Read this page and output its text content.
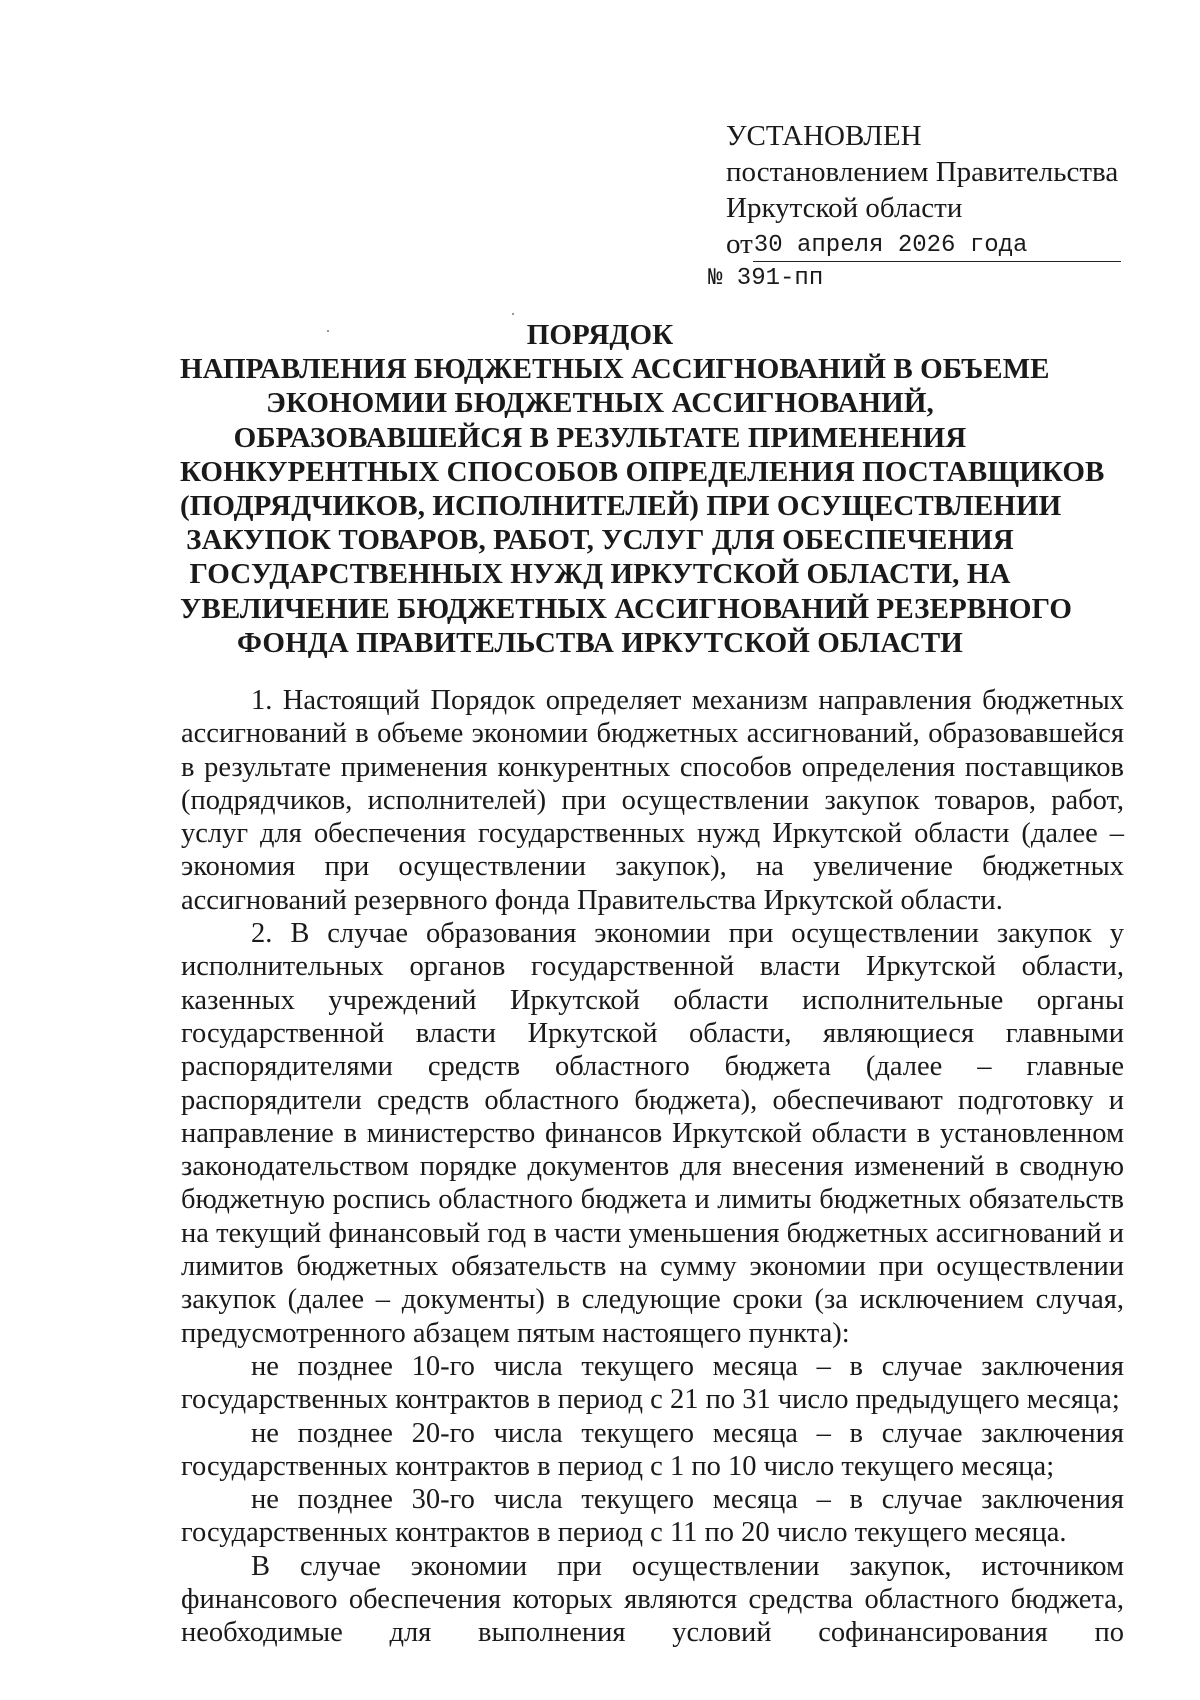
УСТАНОВЛЕН
постановлением Правительства
Иркутской области
от 30 апреля 2026 года
№ 391-пп
ПОРЯДОК
НАПРАВЛЕНИЯ БЮДЖЕТНЫХ АССИГНОВАНИЙ В ОБЪЕМЕ
ЭКОНОМИИ БЮДЖЕТНЫХ АССИГНОВАНИЙ,
ОБРАЗОВАВШЕЙСЯ В РЕЗУЛЬТАТЕ ПРИМЕНЕНИЯ
КОНКУРЕНТНЫХ СПОСОБОВ ОПРЕДЕЛЕНИЯ ПОСТАВЩИКОВ
(ПОДРЯДЧИКОВ, ИСПОЛНИТЕЛЕЙ) ПРИ ОСУЩЕСТВЛЕНИИ
ЗАКУПОК ТОВАРОВ, РАБОТ, УСЛУГ ДЛЯ ОБЕСПЕЧЕНИЯ
ГОСУДАРСТВЕННЫХ НУЖД ИРКУТСКОЙ ОБЛАСТИ, НА
УВЕЛИЧЕНИЕ БЮДЖЕТНЫХ АССИГНОВАНИЙ РЕЗЕРВНОГО
ФОНДА ПРАВИТЕЛЬСТВА ИРКУТСКОЙ ОБЛАСТИ
1. Настоящий Порядок определяет механизм направления бюджетных
ассигнований в объеме экономии бюджетных ассигнований, образовавшейся
в результате применения конкурентных способов определения поставщиков
(подрядчиков, исполнителей) при осуществлении закупок товаров, работ,
услуг для обеспечения государственных нужд Иркутской области (далее –
экономия при осуществлении закупок), на увеличение бюджетных
ассигнований резервного фонда Правительства Иркутской области.
2. В случае образования экономии при осуществлении закупок у
исполнительных органов государственной власти Иркутской области,
казенных учреждений Иркутской области исполнительные органы
государственной власти Иркутской области, являющиеся главными
распорядителями средств областного бюджета (далее – главные
распорядители средств областного бюджета), обеспечивают подготовку и
направление в министерство финансов Иркутской области в установленном
законодательством порядке документов для внесения изменений в сводную
бюджетную роспись областного бюджета и лимиты бюджетных обязательств
на текущий финансовый год в части уменьшения бюджетных ассигнований и
лимитов бюджетных обязательств на сумму экономии при осуществлении
закупок (далее – документы) в следующие сроки (за исключением случая,
предусмотренного абзацем пятым настоящего пункта):
не позднее 10-го числа текущего месяца – в случае заключения
государственных контрактов в период с 21 по 31 число предыдущего месяца;
не позднее 20-го числа текущего месяца – в случае заключения
государственных контрактов в период с 1 по 10 число текущего месяца;
не позднее 30-го числа текущего месяца – в случае заключения
государственных контрактов в период с 11 по 20 число текущего месяца.
В случае экономии при осуществлении закупок, источником
финансового обеспечения которых являются средства областного бюджета,
необходимые для выполнения условий софинансирования по
